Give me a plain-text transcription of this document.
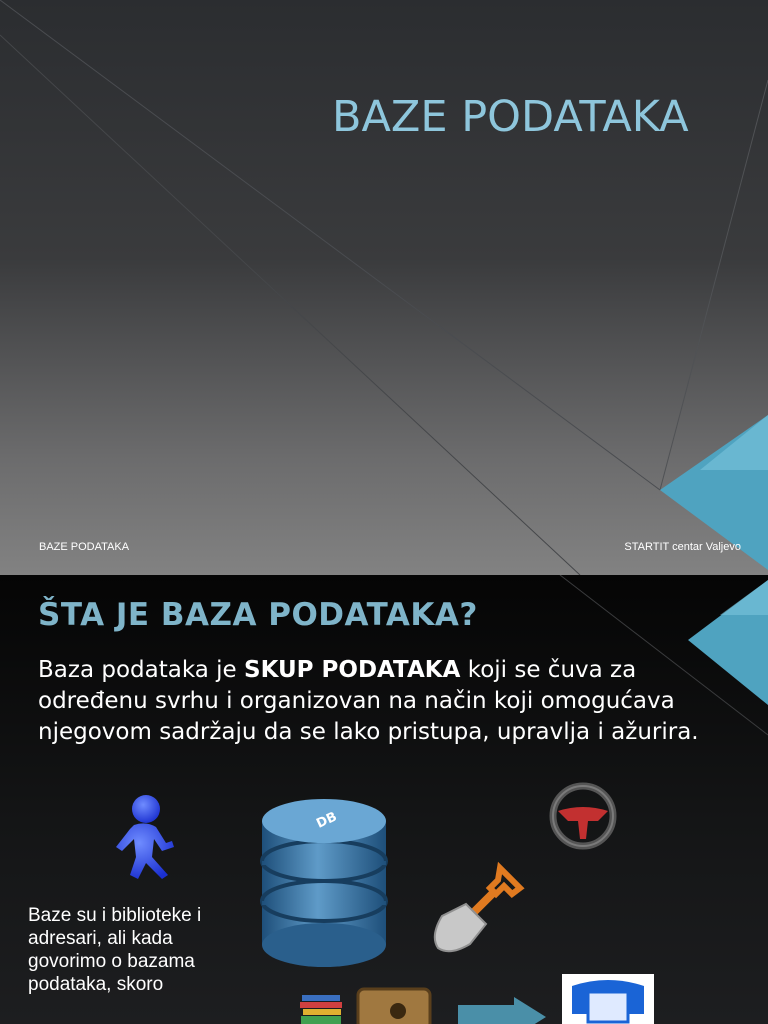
BAZE PODATAKA
BAZE PODATAKA	STARTIT centar Valjevo
ŠTA JE BAZA PODATAKA?
Baza podataka je SKUP PODATAKA koji se čuva za određenu svrhu i organizovan na način koji omogućava njegovom sadržaju da se lako pristupa, upravlja i ažurira.
DB
Baze su i biblioteke i adresari, ali kada govorimo o bazama podataka, skoro
